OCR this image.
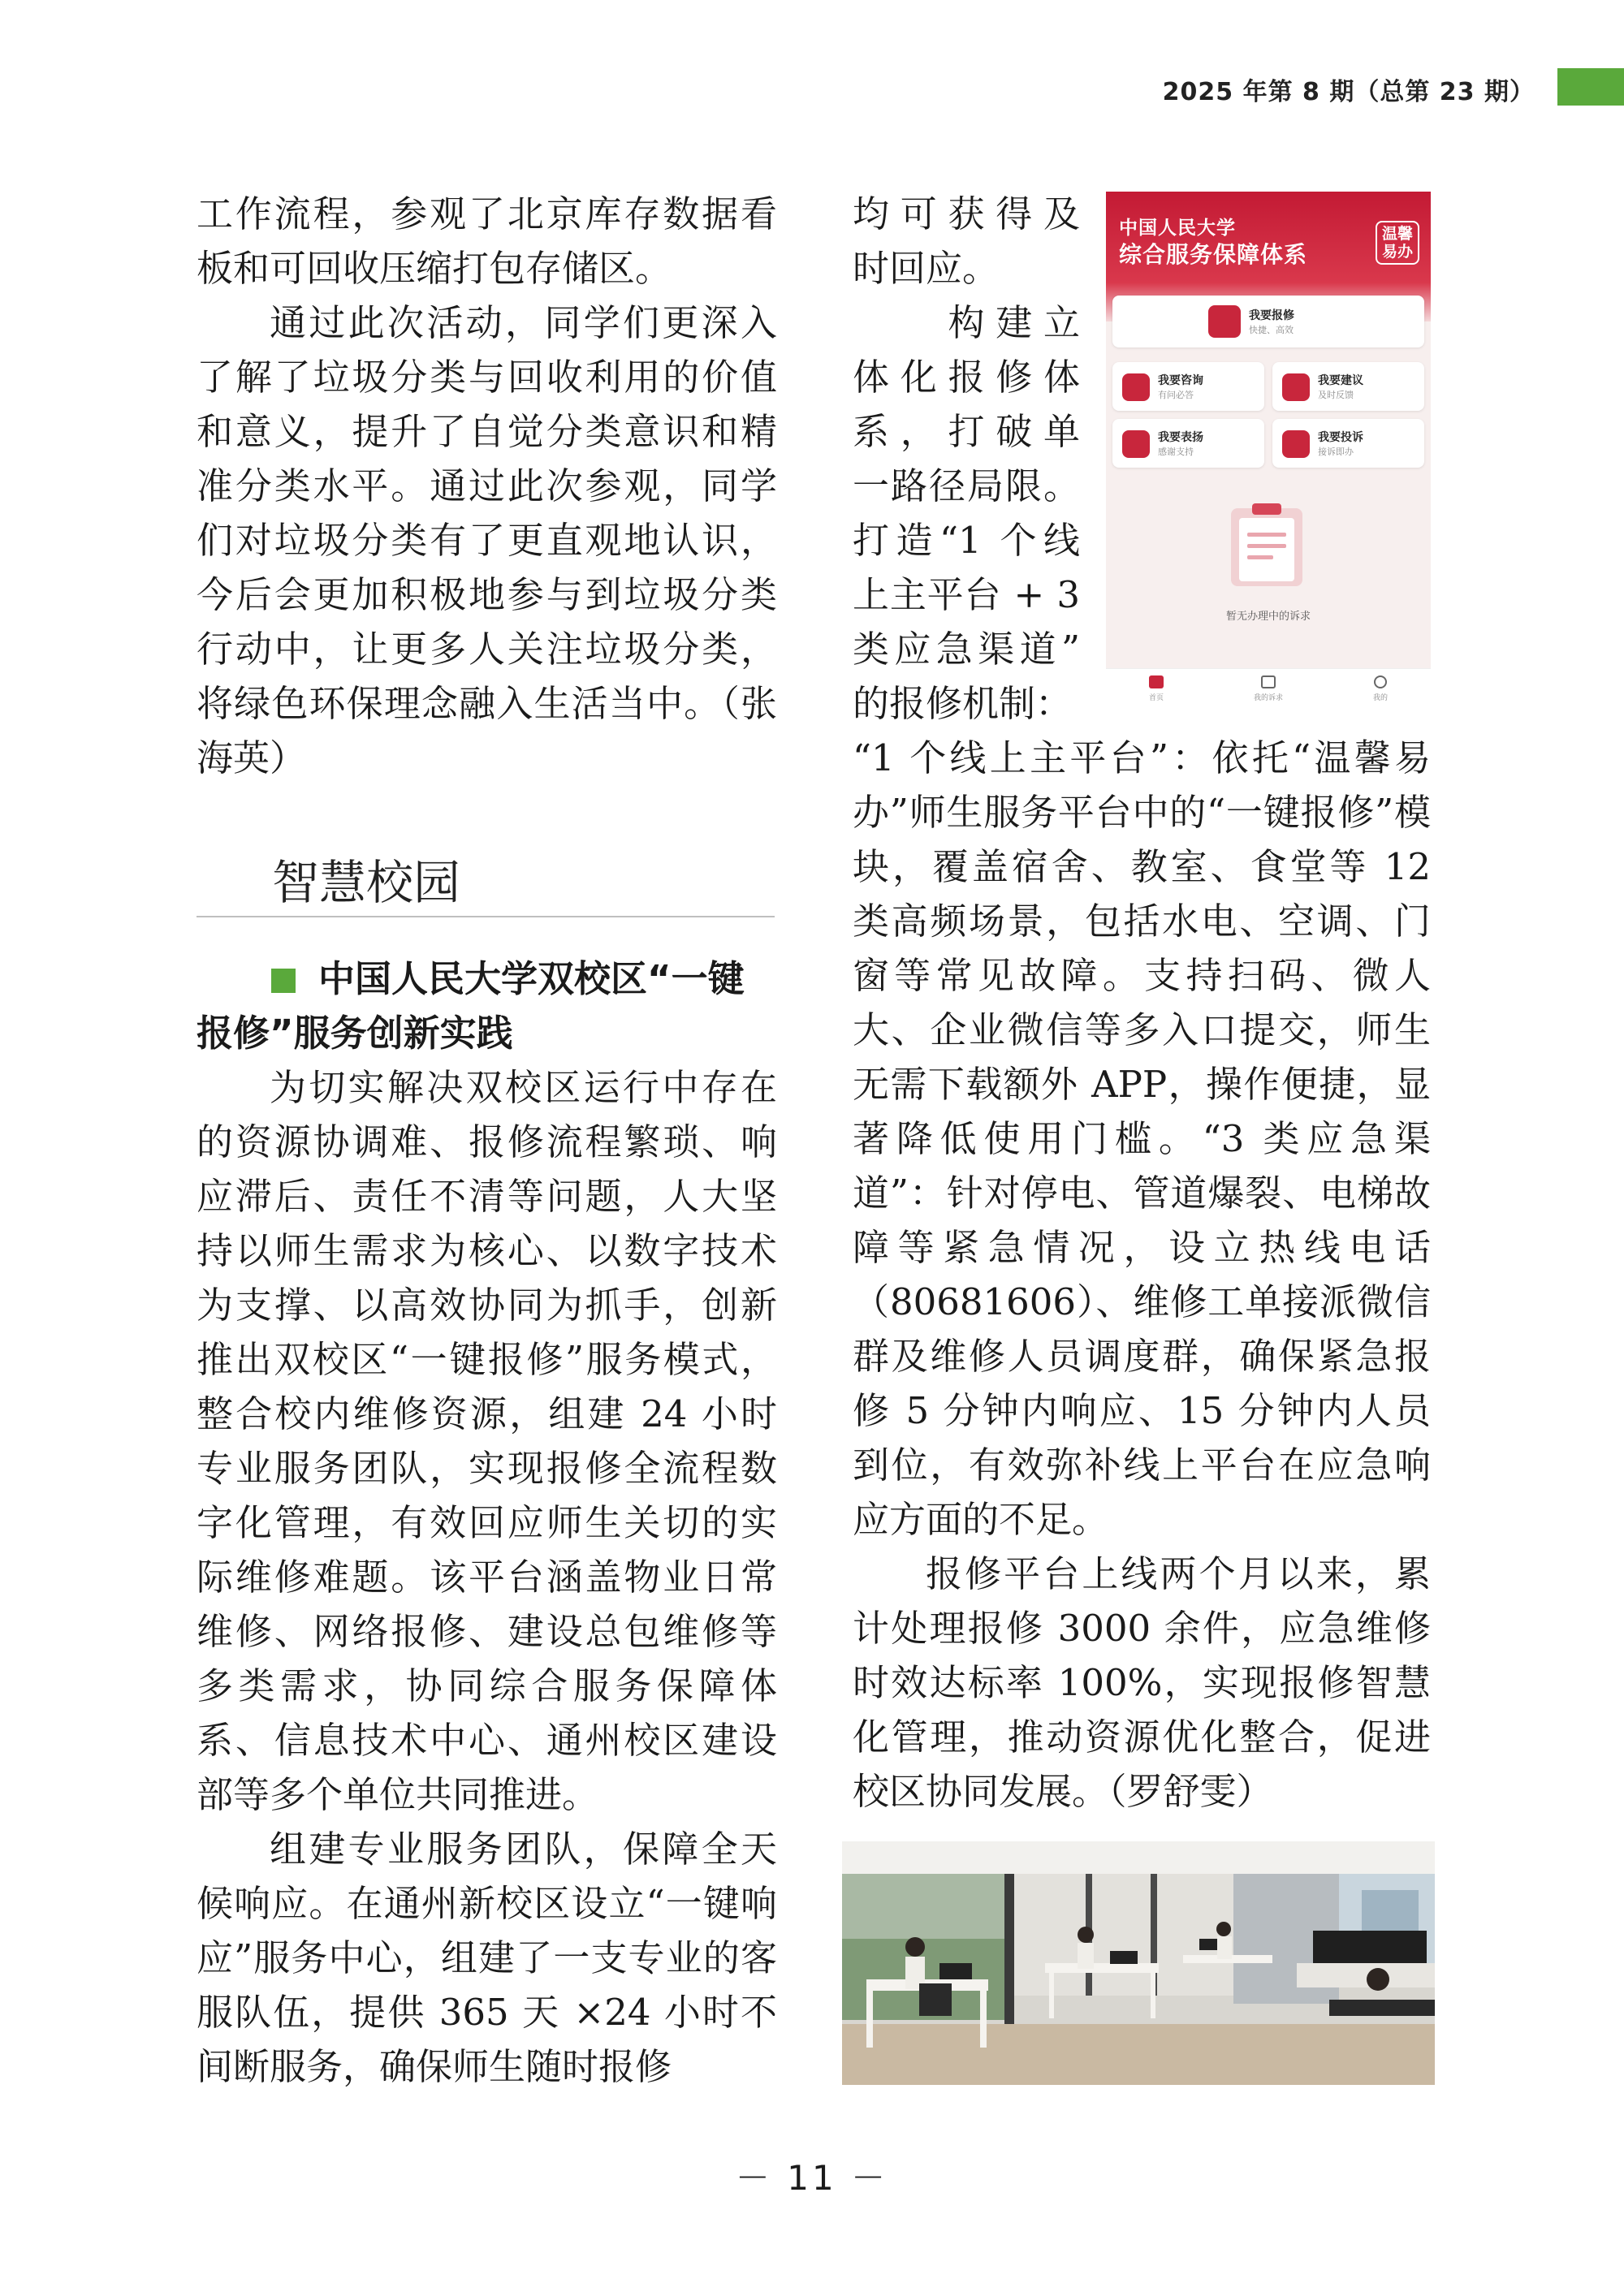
2025 年第 8 期（总第 23 期）

工作流程，参观了北京库存数据看板和可回收压缩打包存储区。

通过此次活动，同学们更深入了解了垃圾分类与回收利用的价值和意义，提升了自觉分类意识和精准分类水平。通过此次参观，同学们对垃圾分类有了更直观地认识，今后会更加积极地参与到垃圾分类行动中，让更多人关注垃圾分类，将绿色环保理念融入生活当中。（张海英）

智慧校园
中国人民大学双校区“一键报修”服务创新实践

为切实解决双校区运行中存在的资源协调难、报修流程繁琐、响应滞后、责任不清等问题，人大坚持以师生需求为核心、以数字技术为支撑、以高效协同为抓手，创新推出双校区“一键报修”服务模式，整合校内维修资源，组建 24 小时专业服务团队，实现报修全流程数字化管理，有效回应师生关切的实际维修难题。该平台涵盖物业日常维修、网络报修、建设总包维修等多类需求，协同综合服务保障体系、信息技术中心、通州校区建设部等多个单位共同推进。

组建专业服务团队，保障全天候响应。在通州新校区设立“一键响应”服务中心，组建了一支专业的客服队伍，提供 365 天 ×24 小时不间断服务，确保师生随时报修

均可获得及
时回应。
　　构建立
体化报修体
系，打破单
一路径局限。
打造“1 个线
上主平台 + 3
类应急渠道”
的报修机制：
中国人民大学
综合服务保障体系
温馨易办
我要报修
快捷、高效
我要咨询
有问必答
我要建议
及时反馈
我要表扬
感谢支持
我要投诉
接诉即办
暂无办理中的诉求
首页	我的诉求	我的

“1 个线上主平台”：依托“温馨易办”师生服务平台中的“一键报修”模块，覆盖宿舍、教室、食堂等 12 类高频场景，包括水电、空调、门窗等常见故障。支持扫码、微人大、企业微信等多入口提交，师生无需下载额外 APP，操作便捷，显著降低使用门槛。“3 类应急渠道”：针对停电、管道爆裂、电梯故障等紧急情况，设立热线电话（80681606）、维修工单接派微信群及维修人员调度群，确保紧急报修 5 分钟内响应、15 分钟内人员到位，有效弥补线上平台在应急响应方面的不足。

报修平台上线两个月以来，累计处理报修 3000 余件，应急维修时效达标率 100%，实现报修智慧化管理，推动资源优化整合，促进校区协同发展。（罗舒雯）

－ 11 －
